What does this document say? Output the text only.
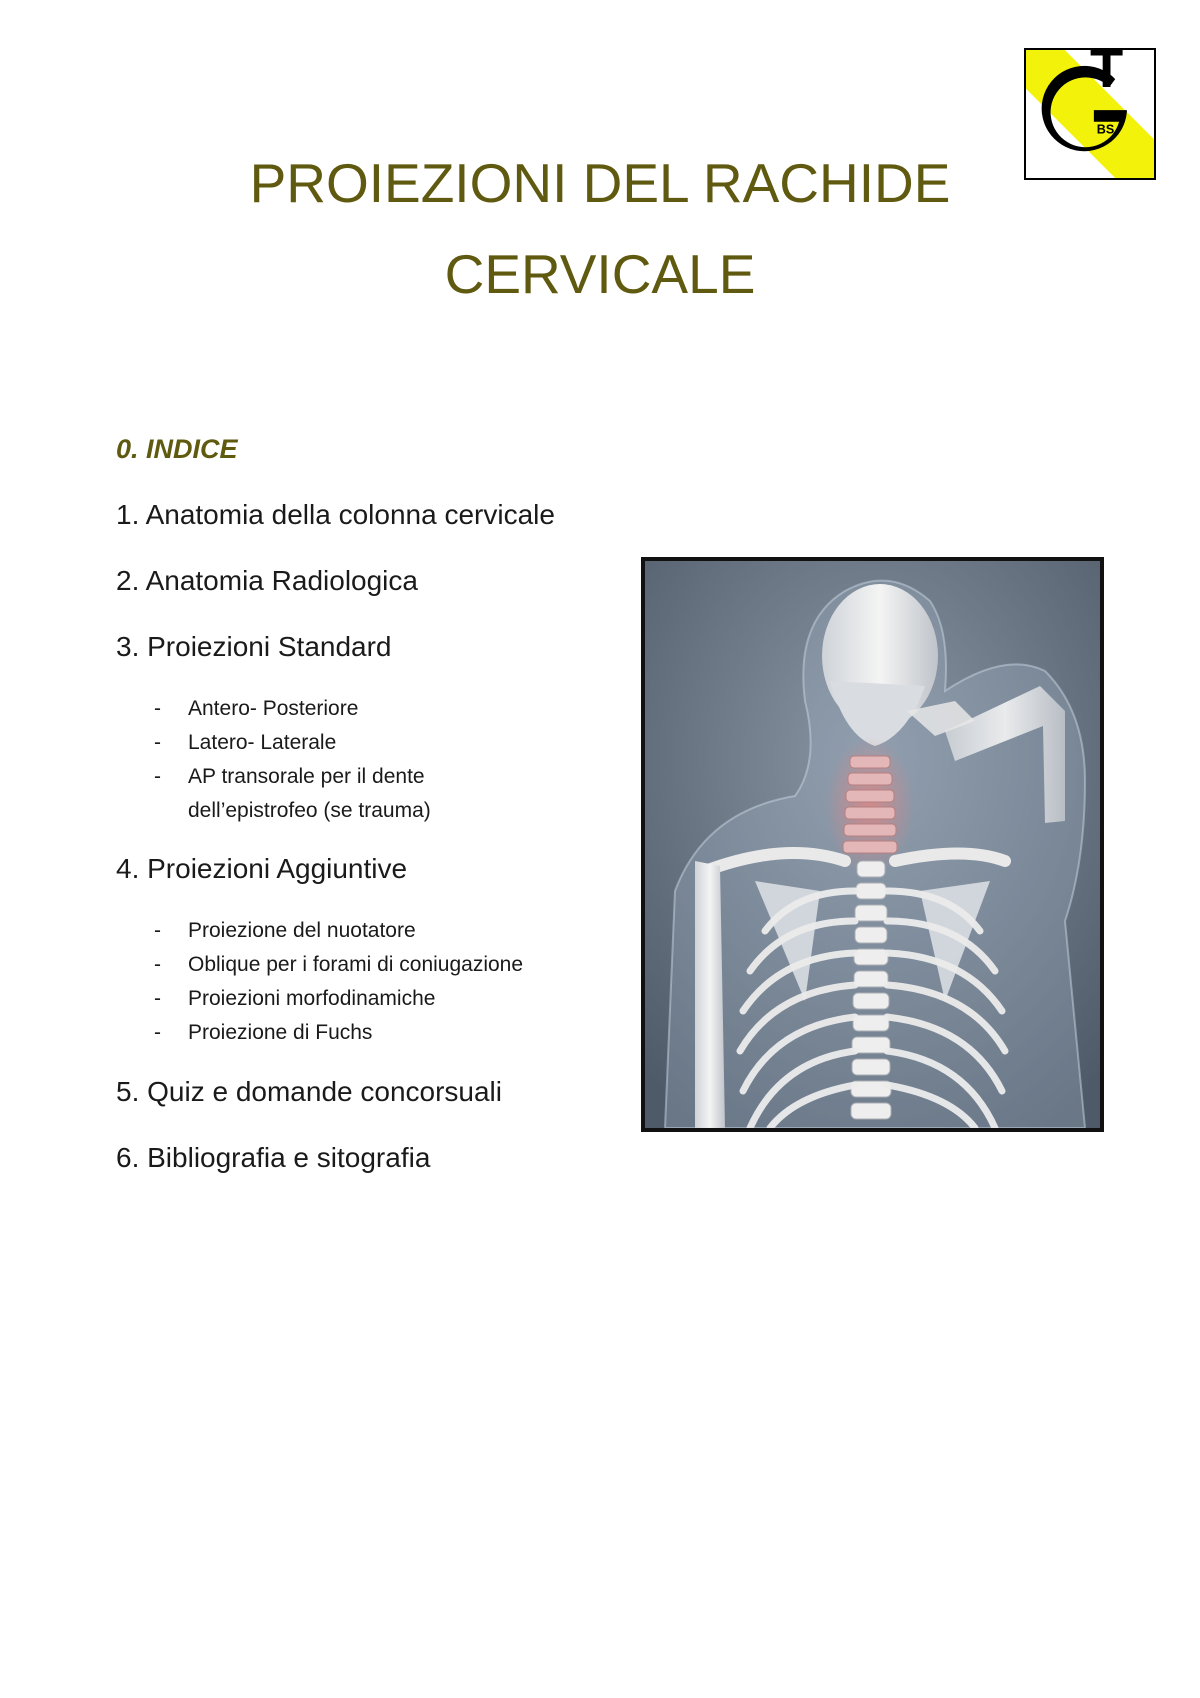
T
BS
PROIEZIONI DEL RACHIDE
CERVICALE
0. INDICE
1. Anatomia della colonna cervicale
2. Anatomia Radiologica
3. Proiezioni Standard
- Antero- Posteriore
- Latero- Laterale
- AP transorale per il dente
dell’epistrofeo (se trauma)
4. Proiezioni Aggiuntive
- Proiezione del nuotatore
- Oblique per i forami di coniugazione
- Proiezioni morfodinamiche
- Proiezione di Fuchs
5. Quiz e domande concorsuali
6. Bibliografia e sitografia
